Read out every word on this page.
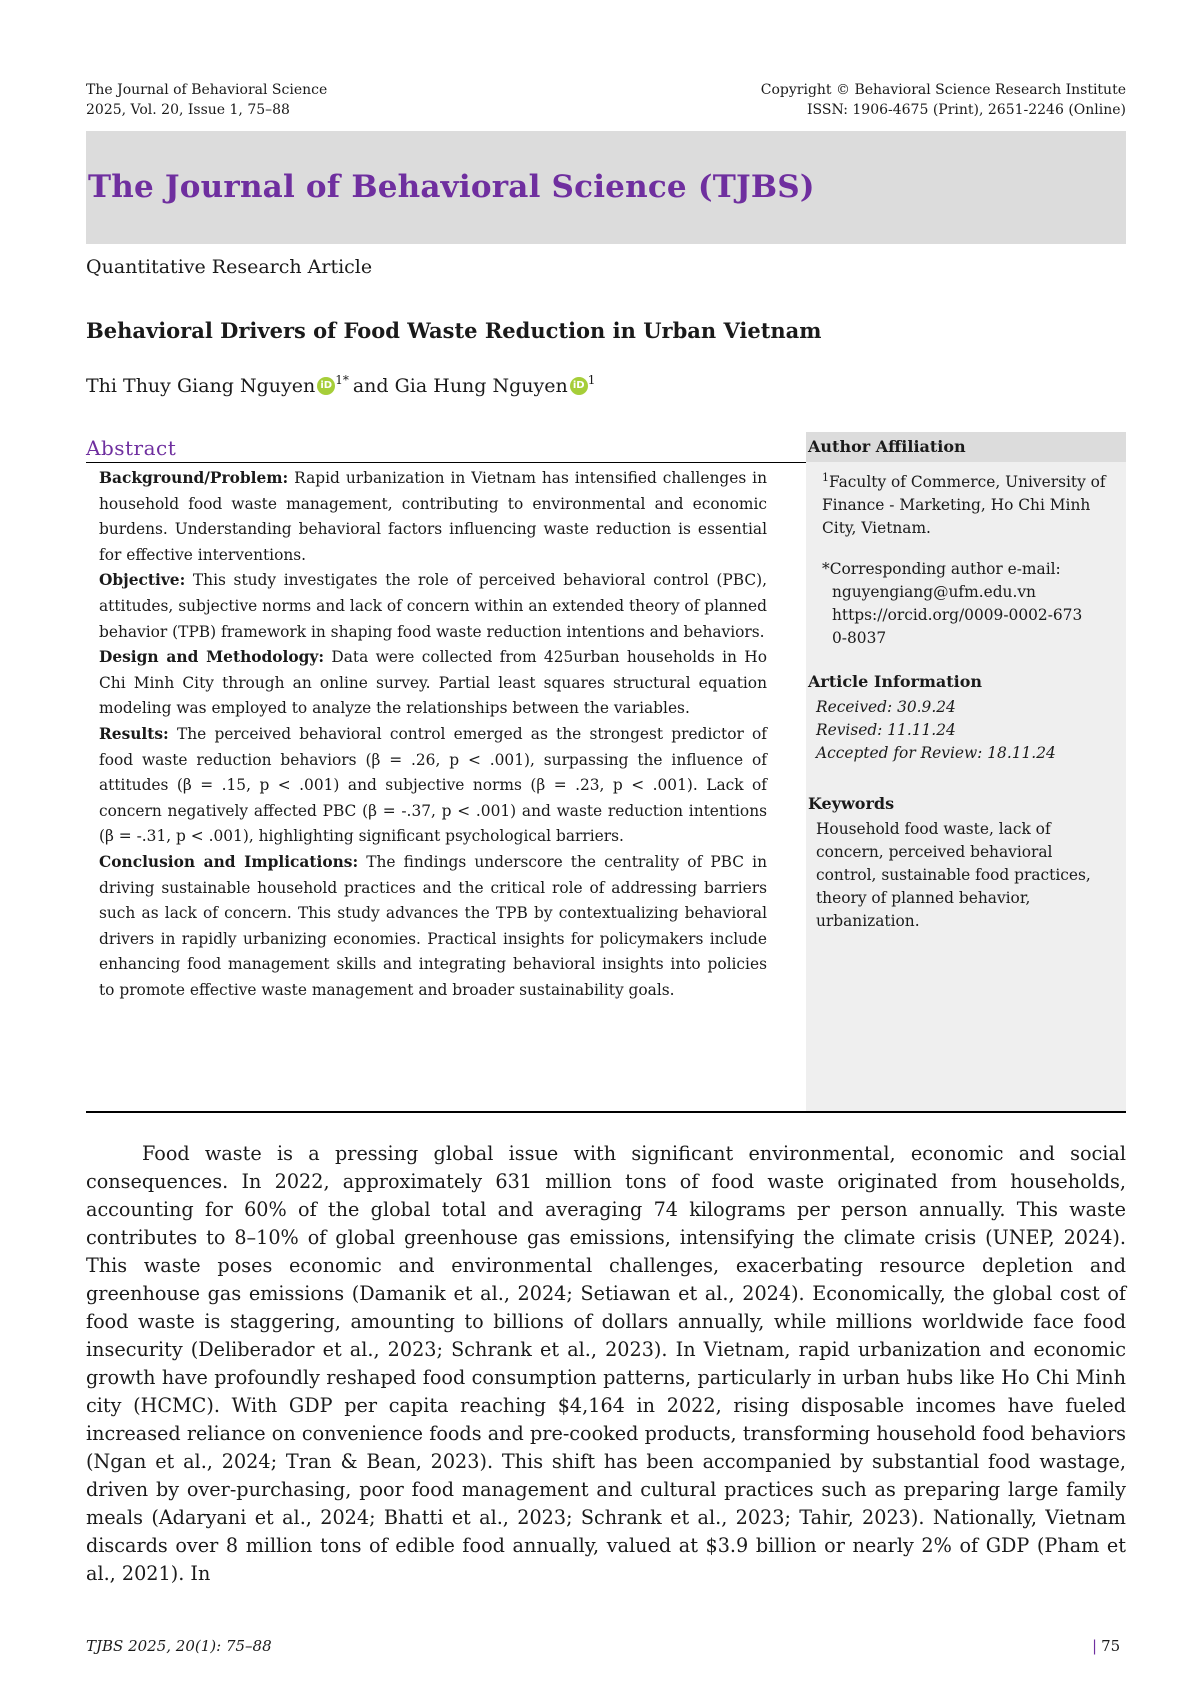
The Journal of Behavioral Science
2025, Vol. 20, Issue 1, 75–88
Copyright © Behavioral Science Research Institute
ISSN: 1906-4675 (Print), 2651-2246 (Online)
The Journal of Behavioral Science (TJBS)
Quantitative Research Article
Behavioral Drivers of Food Waste Reduction in Urban Vietnam
Thi Thuy Giang Nguyen iD $^{1*}$ and Gia Hung Nguyen iD $^1$
Abstract

Background/Problem: Rapid urbanization in Vietnam has intensified challenges in household food waste management, contributing to environmental and economic burdens. Understanding behavioral factors influencing waste reduction is essential for effective interventions.

Objective: This study investigates the role of perceived behavioral control (PBC), attitudes, subjective norms and lack of concern within an extended theory of planned behavior (TPB) framework in shaping food waste reduction intentions and behaviors.

Design and Methodology: Data were collected from 425urban households in Ho Chi Minh City through an online survey. Partial least squares structural equation modeling was employed to analyze the relationships between the variables.

Results: The perceived behavioral control emerged as the strongest predictor of food waste reduction behaviors (β = .26, p < .001), surpassing the influence of attitudes (β = .15, p < .001) and subjective norms (β = .23, p < .001). Lack of concern negatively affected PBC (β = -.37, p < .001) and waste reduction intentions (β = -.31, p < .001), highlighting significant psychological barriers.

Conclusion and Implications: The findings underscore the centrality of PBC in driving sustainable household practices and the critical role of addressing barriers such as lack of concern. This study advances the TPB by contextualizing behavioral drivers in rapidly urbanizing economies. Practical insights for policymakers include enhancing food management skills and integrating behavioral insights into policies to promote effective waste management and broader sustainability goals.

Author Affiliation
$^1$Faculty of Commerce, University of Finance - Marketing, Ho Chi Minh City, Vietnam.
*Corresponding author e-mail:
nguyengiang@ufm.edu.vn
https://orcid.org/0009-0002-6730-8037
Article Information
Received: 30.9.24
Revised: 11.11.24
Accepted for Review: 18.11.24
Keywords
Household food waste, lack of concern, perceived behavioral control, sustainable food practices, theory of planned behavior, urbanization.

Food waste is a pressing global issue with significant environmental, economic and social consequences. In 2022, approximately 631 million tons of food waste originated from households, accounting for 60% of the global total and averaging 74 kilograms per person annually. This waste contributes to 8–10% of global greenhouse gas emissions, intensifying the climate crisis (UNEP, 2024). This waste poses economic and environmental challenges, exacerbating resource depletion and greenhouse gas emissions (Damanik et al., 2024; Setiawan et al., 2024). Economically, the global cost of food waste is staggering, amounting to billions of dollars annually, while millions worldwide face food insecurity (Deliberador et al., 2023; Schrank et al., 2023). In Vietnam, rapid urbanization and economic growth have profoundly reshaped food consumption patterns, particularly in urban hubs like Ho Chi Minh city (HCMC). With GDP per capita reaching $4,164 in 2022, rising disposable incomes have fueled increased reliance on convenience foods and pre-cooked products, transforming household food behaviors (Ngan et al., 2024; Tran & Bean, 2023). This shift has been accompanied by substantial food wastage, driven by over-purchasing, poor food management and cultural practices such as preparing large family meals (Adaryani et al., 2024; Bhatti et al., 2023; Schrank et al., 2023; Tahir, 2023). Nationally, Vietnam discards over 8 million tons of edible food annually, valued at $3.9 billion or nearly 2% of GDP (Pham et al., 2021). In

TJBS 2025, 20(1): 75–88	| 75
